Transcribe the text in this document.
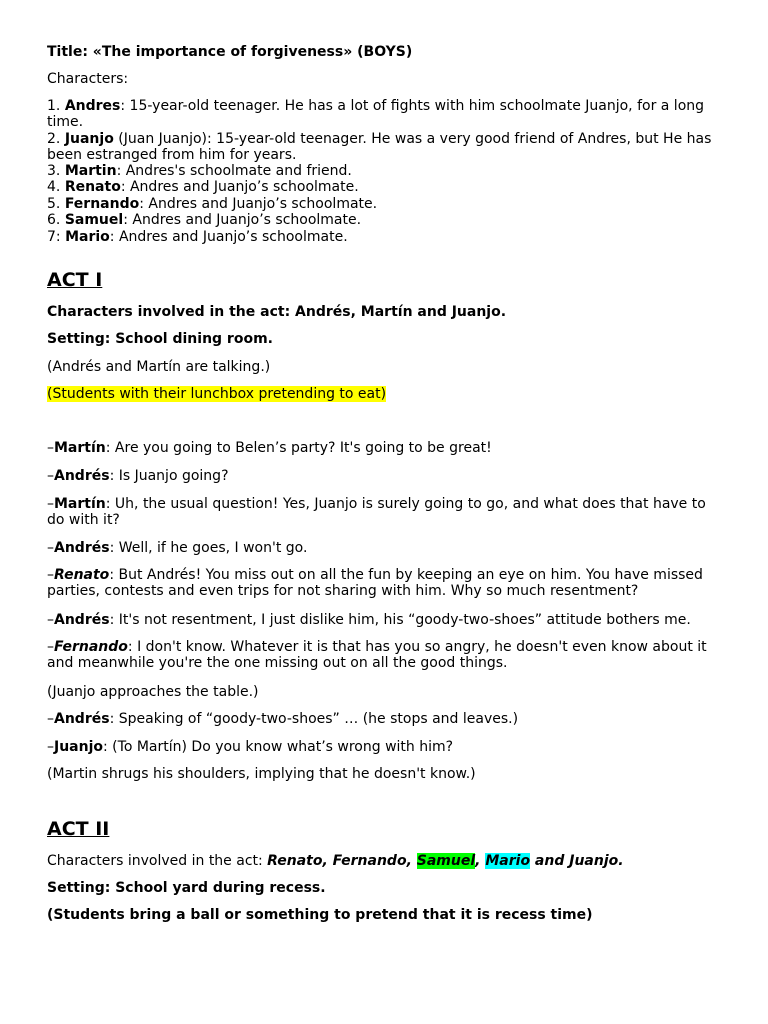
Title: «The importance of forgiveness» (BOYS)
Characters:
1. Andres: 15-year-old teenager. He has a lot of fights with him schoolmate Juanjo, for a long time.
2. Juanjo (Juan Juanjo): 15-year-old teenager. He was a very good friend of Andres, but He has been estranged from him for years.
3. Martin: Andres's schoolmate and friend.
4. Renato: Andres and Juanjo’s schoolmate.
5. Fernando: Andres and Juanjo’s schoolmate.
6. Samuel: Andres and Juanjo’s schoolmate.
7: Mario: Andres and Juanjo’s schoolmate.
ACT I
Characters involved in the act: Andrés, Martín and Juanjo.
Setting: School dining room.
(Andrés and Martín are talking.)
(Students with their lunchbox pretending to eat)
–Martín: Are you going to Belen’s party? It's going to be great!
–Andrés: Is Juanjo going?
–Martín: Uh, the usual question! Yes, Juanjo is surely going to go, and what does that have to do with it?
–Andrés: Well, if he goes, I won't go.
–Renato: But Andrés! You miss out on all the fun by keeping an eye on him. You have missed parties, contests and even trips for not sharing with him. Why so much resentment?
–Andrés: It's not resentment, I just dislike him, his “goody-two-shoes” attitude bothers me.
–Fernando: I don't know. Whatever it is that has you so angry, he doesn't even know about it and meanwhile you're the one missing out on all the good things.
(Juanjo approaches the table.)
–Andrés: Speaking of “goody-two-shoes” … (he stops and leaves.)
–Juanjo: (To Martín) Do you know what’s wrong with him?
(Martin shrugs his shoulders, implying that he doesn't know.)
ACT II
Characters involved in the act: Renato, Fernando, Samuel, Mario and Juanjo.
Setting: School yard during recess.
(Students bring a ball or something to pretend that it is recess time)
